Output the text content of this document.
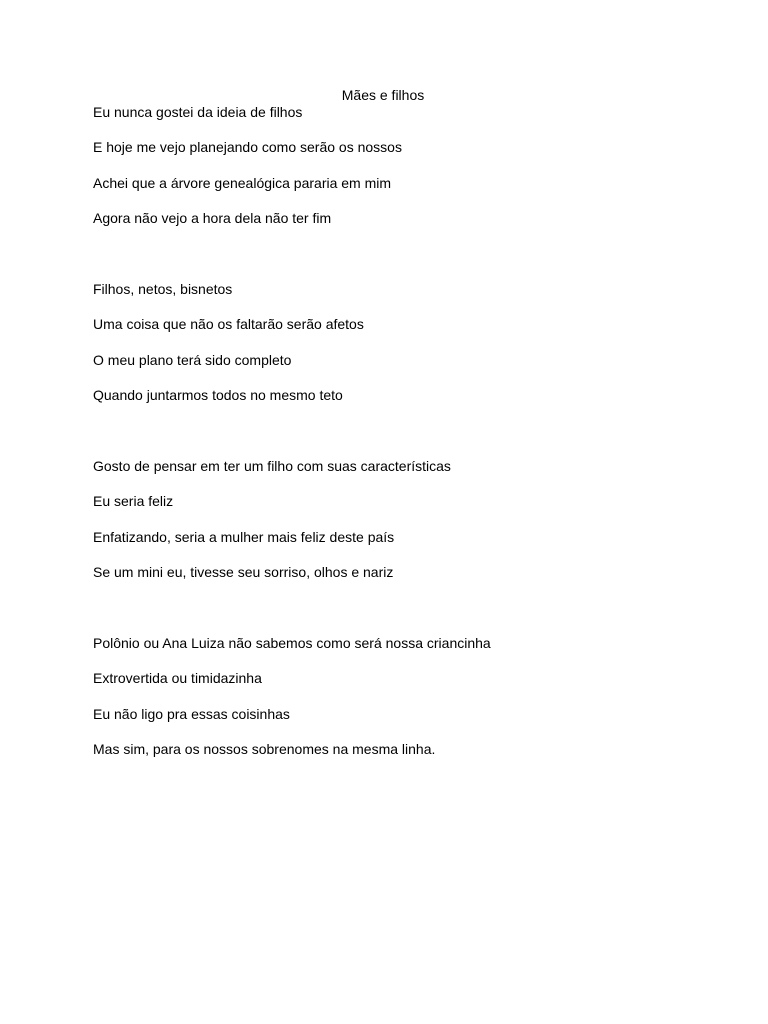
Mães e filhos
Eu nunca gostei da ideia de filhos
E hoje me vejo planejando como serão os nossos
Achei que a árvore genealógica pararia em mim
Agora não vejo a hora dela não ter fim
Filhos, netos, bisnetos
Uma coisa que não os faltarão serão afetos
O meu plano terá sido completo
Quando juntarmos todos no mesmo teto
Gosto de pensar em ter um filho com suas características
Eu seria feliz
Enfatizando, seria a mulher mais feliz deste país
Se um mini eu, tivesse seu sorriso, olhos e nariz
Polônio ou Ana Luiza não sabemos como será nossa criancinha
Extrovertida ou timidazinha
Eu não ligo pra essas coisinhas
Mas sim, para os nossos sobrenomes na mesma linha.
